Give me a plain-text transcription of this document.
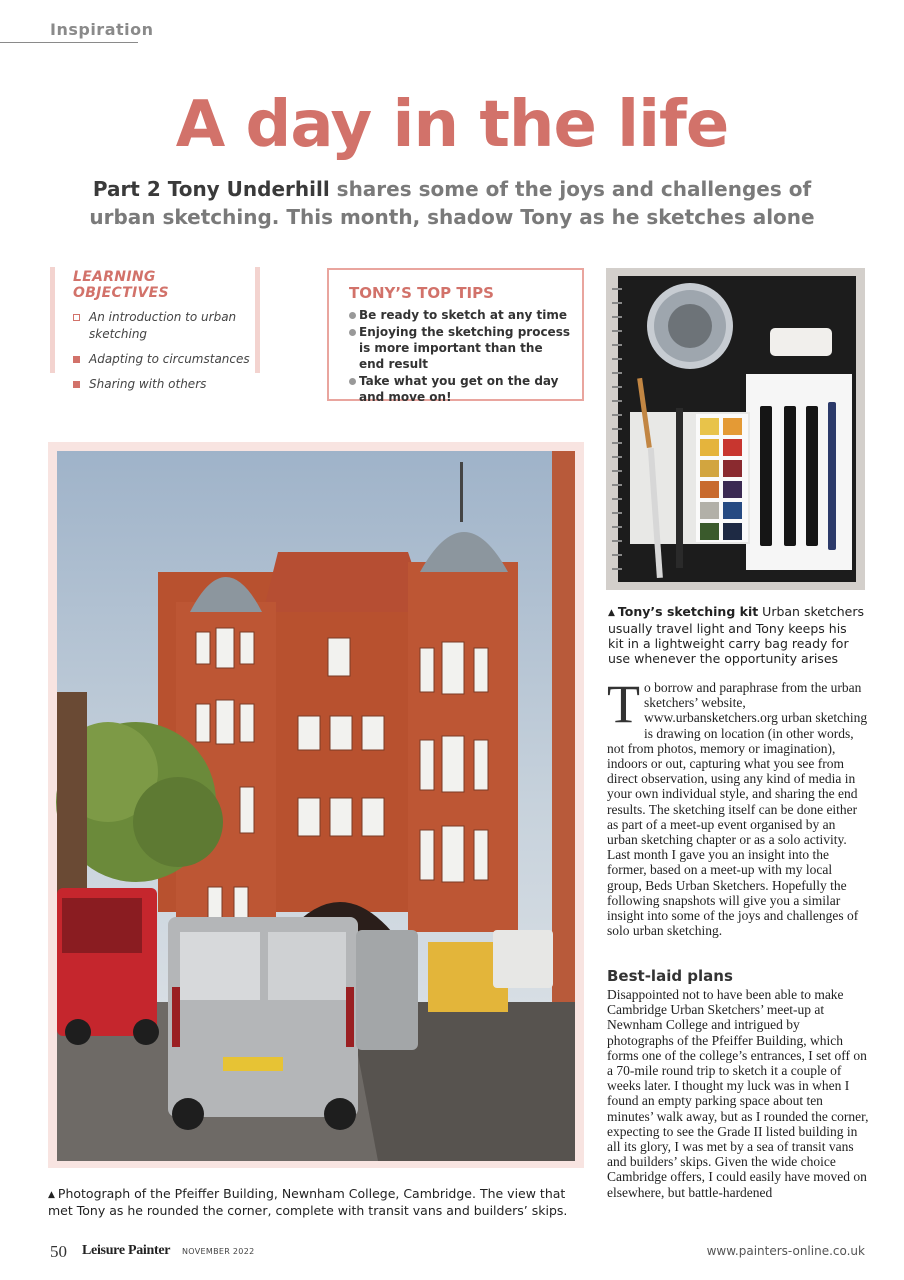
Inspiration
A day in the life
Part 2 Tony Underhill shares some of the joys and challenges of urban sketching. This month, shadow Tony as he sketches alone
LEARNING OBJECTIVES
An introduction to urban sketching
Adapting to circumstances
Sharing with others
TONY’S TOP TIPS
Be ready to sketch at any time
Enjoying the sketching process is more important than the end result
Take what you get on the day and move on!
▲ Tony’s sketching kit Urban sketchers usually travel light and Tony keeps his kit in a lightweight carry bag ready for use whenever the opportunity arises
▲ Photograph of the Pfeiffer Building, Newnham College, Cambridge. The view that met Tony as he rounded the corner, complete with transit vans and builders’ skips.
To borrow and paraphrase from the urban sketchers’ website, www.urbansketchers.org urban sketching is drawing on location (in other words, not from photos, memory or imagination), indoors or out, capturing what you see from direct observation, using any kind of media in your own individual style, and sharing the end results. The sketching itself can be done either as part of a meet-up event organised by an urban sketching chapter or as a solo activity. Last month I gave you an insight into the former, based on a meet-up with my local group, Beds Urban Sketchers. Hopefully the following snapshots will give you a similar insight into some of the joys and challenges of solo urban sketching.
Best-laid plans
Disappointed not to have been able to make Cambridge Urban Sketchers’ meet-up at Newnham College and intrigued by photographs of the Pfeiffer Building, which forms one of the college’s entrances, I set off on a 70-mile round trip to sketch it a couple of weeks later. I thought my luck was in when I found an empty parking space about ten minutes’ walk away, but as I rounded the corner, expecting to see the Grade II listed building in all its glory, I was met by a sea of transit vans and builders’ skips. Given the wide choice Cambridge offers, I could easily have moved on elsewhere, but battle-hardened
50 Leisure Painter NOVEMBER 2022	www.painters-online.co.uk
